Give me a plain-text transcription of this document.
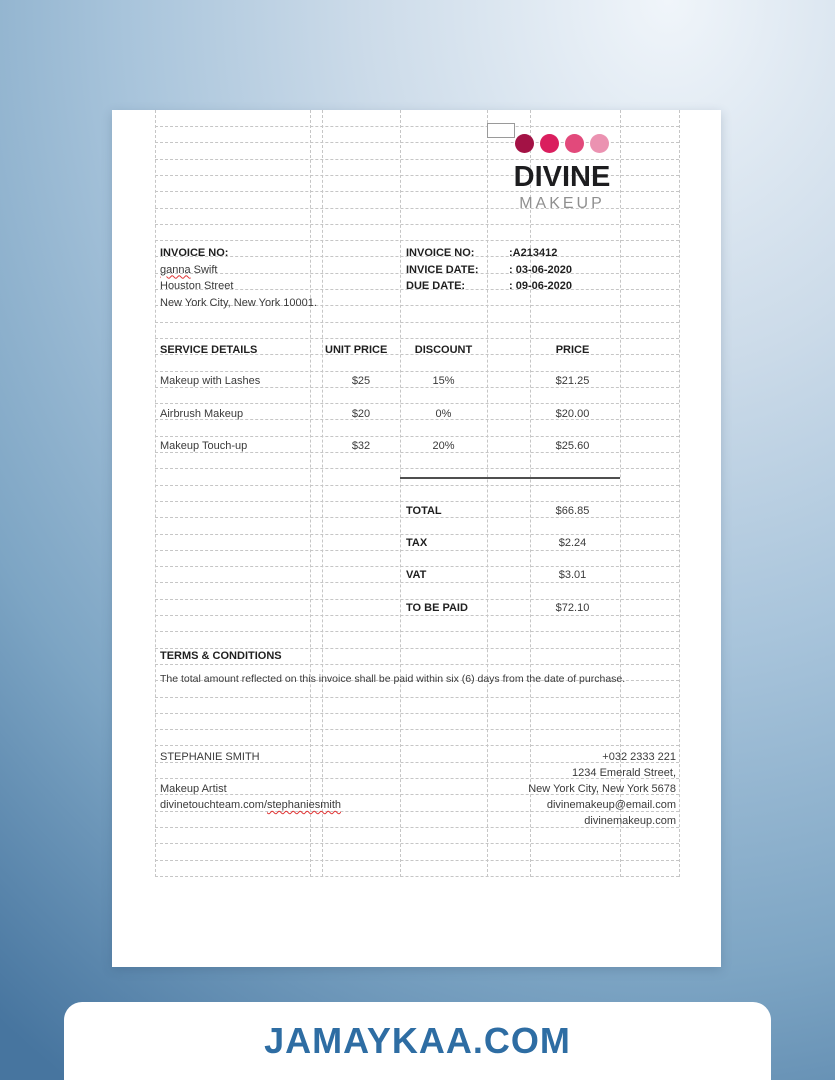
DIVINE
MAKEUP
INVOICE NO:
ganna Swift
Houston Street
New York City, New York 10001.
INVOICE NO:	:A213412
INVICE DATE:	: 03-06-2020
DUE DATE:	: 09-06-2020
SERVICE DETAILS	UNIT PRICE	DISCOUNT	PRICE
Makeup with Lashes	$25	15%	$21.25
Airbrush Makeup	$20	0%	$20.00
Makeup Touch-up	$32	20%	$25.60
TOTAL	$66.85
TAX	$2.24
VAT	$3.01
TO BE PAID	$72.10
TERMS & CONDITIONS
The total amount reflected on this invoice shall be paid within six (6) days from the date of purchase.
STEPHANIE SMITH
Makeup Artist
divinetouchteam.com/stephaniesmith
+032 2333 221
1234 Emerald Street,
New York City, New York 5678
divinemakeup@email.com
divinemakeup.com
JAMAYKAA.COM
